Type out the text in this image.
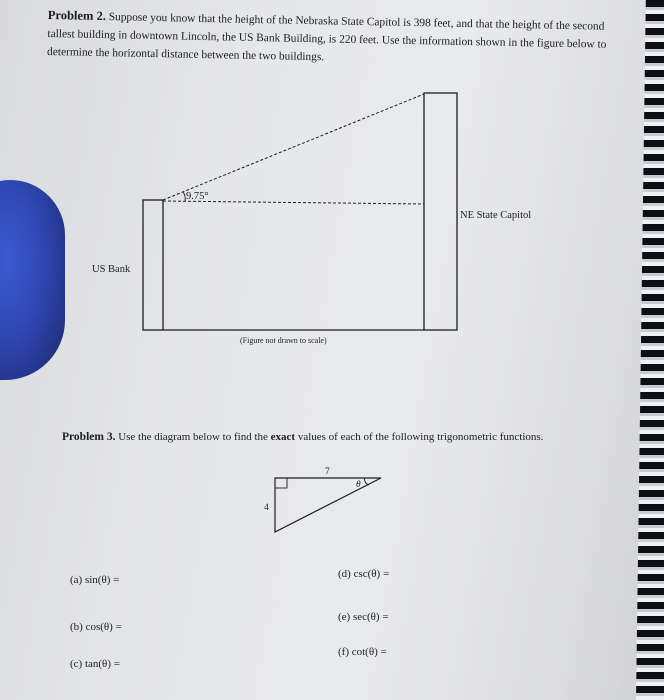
Problem 2. Suppose you know that the height of the Nebraska State Capitol is 398 feet, and that the height of the second tallest building in downtown Lincoln, the US Bank Building, is 220 feet. Use the information shown in the figure below to determine the horizontal distance between the two buildings.
9.75°
NE State Capitol
US Bank
(Figure not drawn to scale)
7
4
θ
Problem 3. Use the diagram below to find the exact values of each of the following trigonometric functions.
(a) sin(θ) =
(b) cos(θ) =
(c) tan(θ) =
(d) csc(θ) =
(e) sec(θ) =
(f) cot(θ) =
